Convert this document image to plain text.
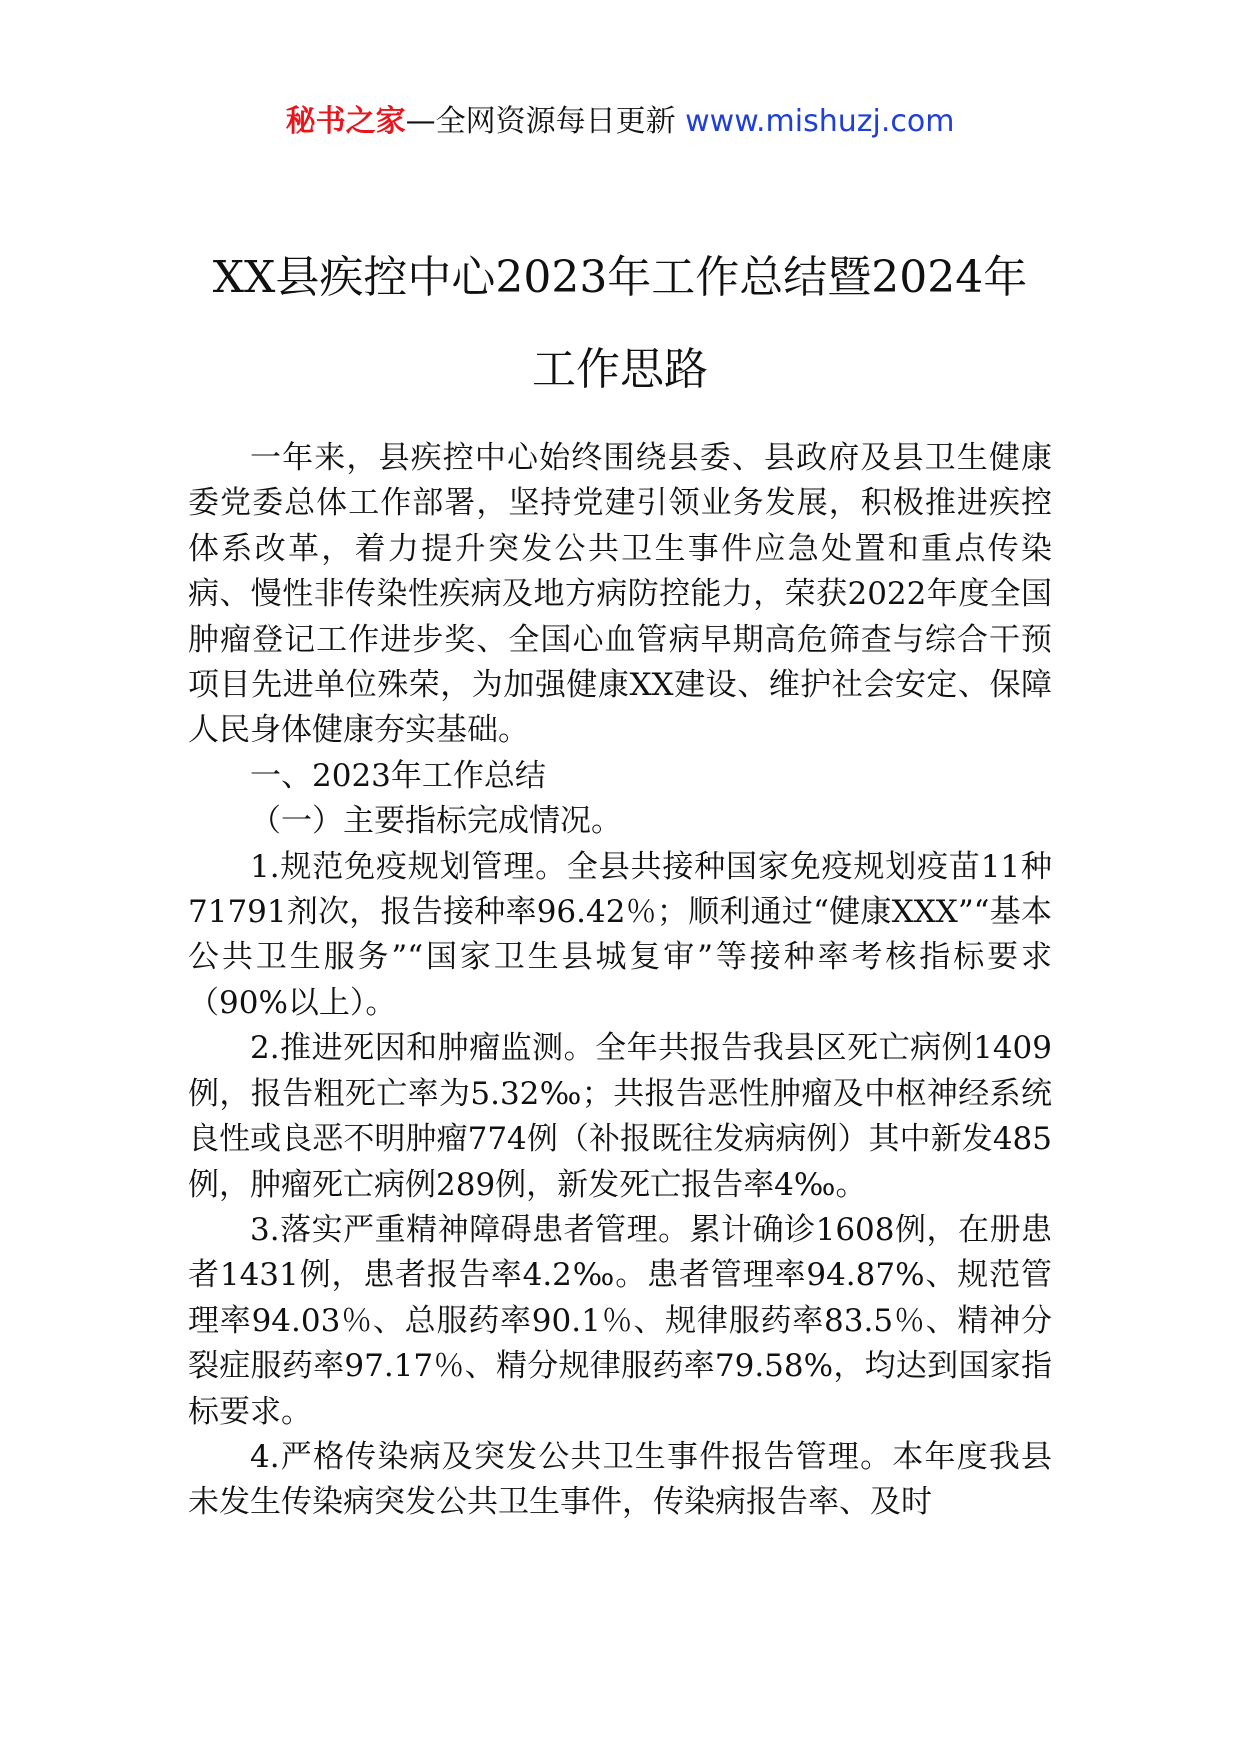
秘书之家—全网资源每日更新 www.mishuzj.com
XX县疾控中心2023年工作总结暨2024年
工作思路

一年来，县疾控中心始终围绕县委、县政府及县卫生健康委党委总体工作部署，坚持党建引领业务发展，积极推进疾控体系改革，着力提升突发公共卫生事件应急处置和重点传染病、慢性非传染性疾病及地方病防控能力，荣获2022年度全国肿瘤登记工作进步奖、全国心血管病早期高危筛查与综合干预项目先进单位殊荣，为加强健康XX建设、维护社会安定、保障人民身体健康夯实基础。

一、2023年工作总结

（一）主要指标完成情况。

1.规范免疫规划管理。全县共接种国家免疫规划疫苗11种71791剂次，报告接种率96.42％；顺利通过“健康XXX”“基本公共卫生服务”“国家卫生县城复审”等接种率考核指标要求（90%以上）。

2.推进死因和肿瘤监测。全年共报告我县区死亡病例1409例，报告粗死亡率为5.32‰；共报告恶性肿瘤及中枢神经系统良性或良恶不明肿瘤774例（补报既往发病病例）其中新发485例，肿瘤死亡病例289例，新发死亡报告率4‰。

3.落实严重精神障碍患者管理。累计确诊1608例，在册患者1431例，患者报告率4.2‰。患者管理率94.87%、规范管理率94.03％、总服药率90.1％、规律服药率83.5％、精神分裂症服药率97.17％、精分规律服药率79.58%，均达到国家指标要求。

4.严格传染病及突发公共卫生事件报告管理。本年度我县未发生传染病突发公共卫生事件，传染病报告率、及时
